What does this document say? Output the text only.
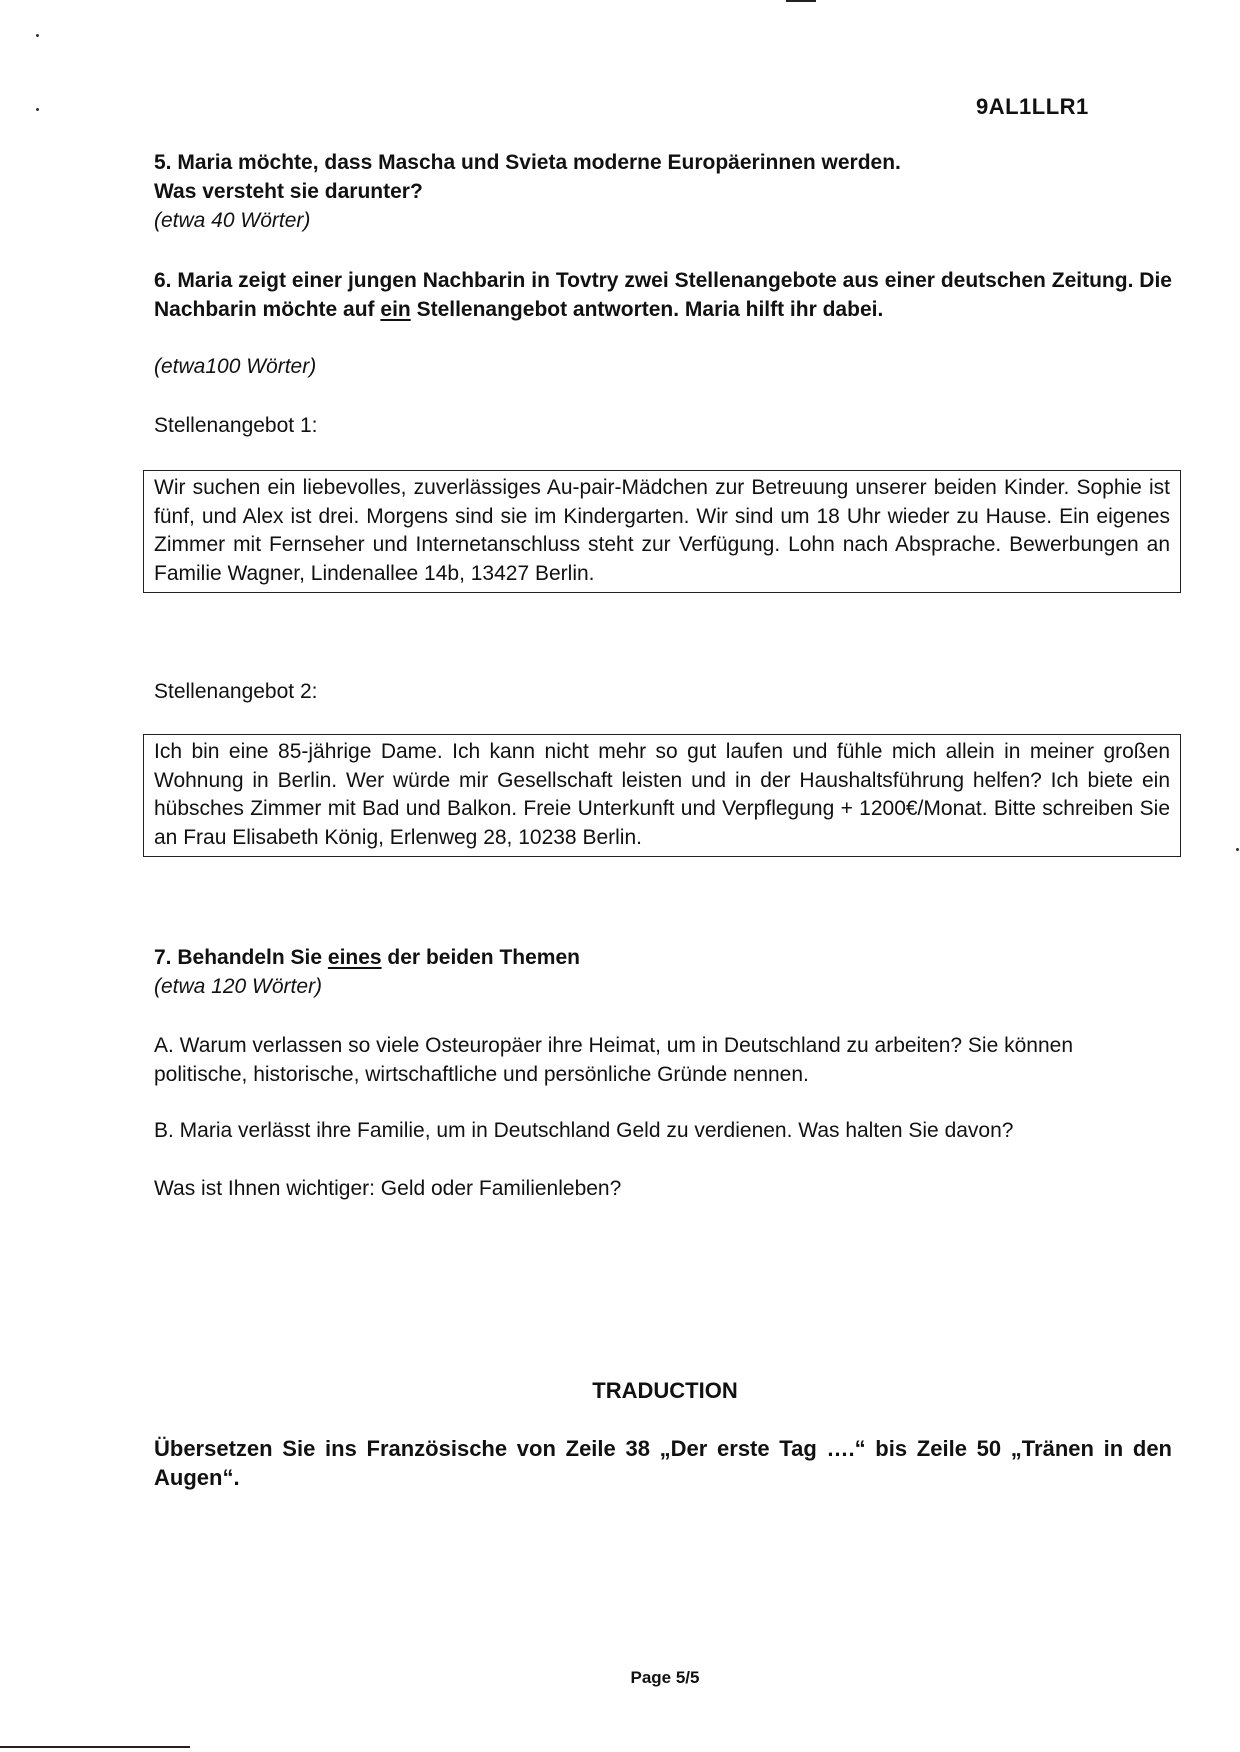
9AL1LLR1
5. Maria möchte, dass Mascha und Svieta moderne Europäerinnen werden.
Was versteht sie darunter?
(etwa 40 Wörter)
6. Maria zeigt einer jungen Nachbarin in Tovtry zwei Stellenangebote aus einer deutschen Zeitung. Die Nachbarin möchte auf ein Stellenangebot antworten. Maria hilft ihr dabei.
(etwa100 Wörter)
Stellenangebot 1:
Wir suchen ein liebevolles, zuverlässiges Au-pair-Mädchen zur Betreuung unserer beiden Kinder. Sophie ist fünf, und Alex ist drei. Morgens sind sie im Kindergarten. Wir sind um 18 Uhr wieder zu Hause. Ein eigenes Zimmer mit Fernseher und Internetanschluss steht zur Verfügung. Lohn nach Absprache. Bewerbungen an Familie Wagner, Lindenallee 14b, 13427 Berlin.
Stellenangebot 2:
Ich bin eine 85-jährige Dame. Ich kann nicht mehr so gut laufen und fühle mich allein in meiner großen Wohnung in Berlin. Wer würde mir Gesellschaft leisten und in der Haushaltsführung helfen? Ich biete ein hübsches Zimmer mit Bad und Balkon. Freie Unterkunft und Verpflegung + 1200€/Monat. Bitte schreiben Sie an Frau Elisabeth König, Erlenweg 28, 10238 Berlin.
7. Behandeln Sie eines der beiden Themen
(etwa 120 Wörter)
A. Warum verlassen so viele Osteuropäer ihre Heimat, um in Deutschland zu arbeiten? Sie können politische, historische, wirtschaftliche und persönliche Gründe nennen.
B. Maria verlässt ihre Familie, um in Deutschland Geld zu verdienen. Was halten Sie davon?
Was ist Ihnen wichtiger: Geld oder Familienleben?
TRADUCTION
Übersetzen Sie ins Französische von Zeile 38 „Der erste Tag ….“ bis Zeile 50 „Tränen in den Augen“.
Page 5/5
